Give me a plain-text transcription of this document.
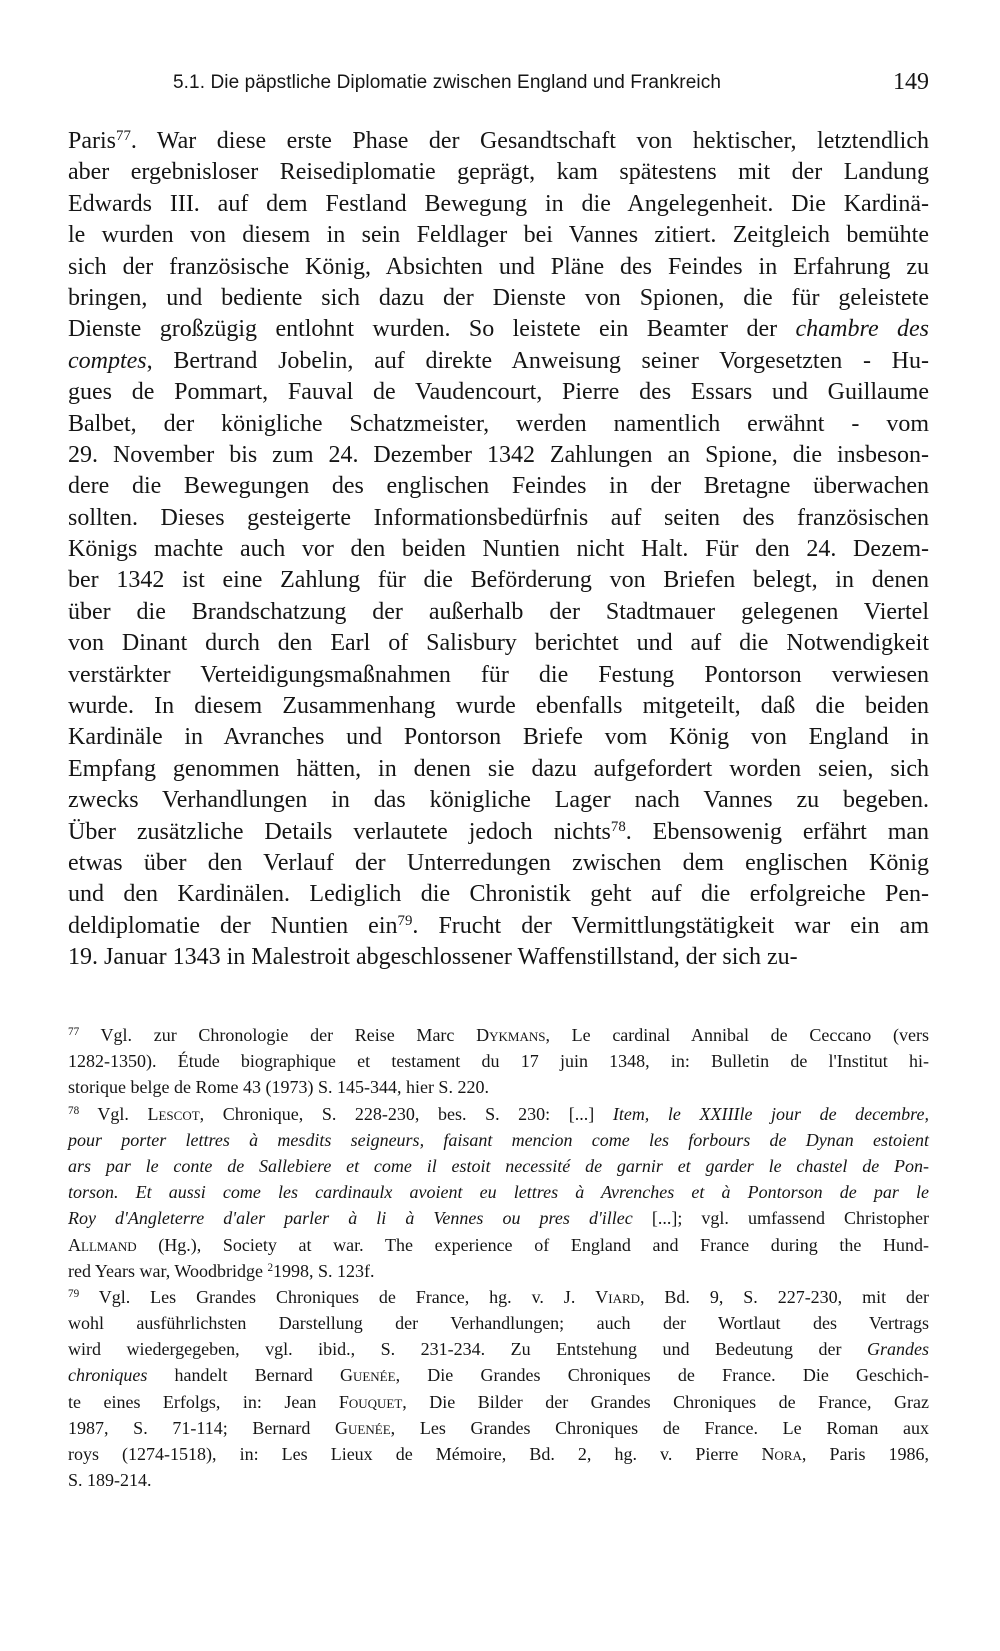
5.1. Die päpstliche Diplomatie zwischen England und Frankreich	149
Paris$^{77}$. War diese erste Phase der Gesandtschaft von hektischer, letztendlich
aber ergebnisloser Reisediplomatie geprägt, kam spätestens mit der Landung
Edwards III. auf dem Festland Bewegung in die Angelegenheit. Die Kardinä-
le wurden von diesem in sein Feldlager bei Vannes zitiert. Zeitgleich bemühte
sich der französische König, Absichten und Pläne des Feindes in Erfahrung zu
bringen, und bediente sich dazu der Dienste von Spionen, die für geleistete
Dienste großzügig entlohnt wurden. So leistete ein Beamter der chambre des
comptes, Bertrand Jobelin, auf direkte Anweisung seiner Vorgesetzten - Hu-
gues de Pommart, Fauval de Vaudencourt, Pierre des Essars und Guillaume
Balbet, der königliche Schatzmeister, werden namentlich erwähnt - vom
29. November bis zum 24. Dezember 1342 Zahlungen an Spione, die insbeson-
dere die Bewegungen des englischen Feindes in der Bretagne überwachen
sollten. Dieses gesteigerte Informationsbedürfnis auf seiten des französischen
Königs machte auch vor den beiden Nuntien nicht Halt. Für den 24. Dezem-
ber 1342 ist eine Zahlung für die Beförderung von Briefen belegt, in denen
über die Brandschatzung der außerhalb der Stadtmauer gelegenen Viertel
von Dinant durch den Earl of Salisbury berichtet und auf die Notwendigkeit
verstärkter Verteidigungsmaßnahmen für die Festung Pontorson verwiesen
wurde. In diesem Zusammenhang wurde ebenfalls mitgeteilt, daß die beiden
Kardinäle in Avranches und Pontorson Briefe vom König von England in
Empfang genommen hätten, in denen sie dazu aufgefordert worden seien, sich
zwecks Verhandlungen in das königliche Lager nach Vannes zu begeben.
Über zusätzliche Details verlautete jedoch nichts$^{78}$. Ebensowenig erfährt man
etwas über den Verlauf der Unterredungen zwischen dem englischen König
und den Kardinälen. Lediglich die Chronistik geht auf die erfolgreiche Pen-
deldiplomatie der Nuntien ein$^{79}$. Frucht der Vermittlungstätigkeit war ein am
19. Januar 1343 in Malestroit abgeschlossener Waffenstillstand, der sich zu-
$^{77}$ Vgl. zur Chronologie der Reise Marc Dykmans, Le cardinal Annibal de Ceccano (vers
1282-1350). Étude biographique et testament du 17 juin 1348, in: Bulletin de l'Institut hi-
storique belge de Rome 43 (1973) S. 145-344, hier S. 220.
$^{78}$ Vgl. Lescot, Chronique, S. 228-230, bes. S. 230: [...] Item, le XXIIIle jour de decembre,
pour porter lettres à mesdits seigneurs, faisant mencion come les forbours de Dynan estoient
ars par le conte de Sallebiere et come il estoit necessité de garnir et garder le chastel de Pon-
torson. Et aussi come les cardinaulx avoient eu lettres à Avrenches et à Pontorson de par le
Roy d'Angleterre d'aler parler à li à Vennes ou pres d'illec [...]; vgl. umfassend Christopher
Allmand (Hg.), Society at war. The experience of England and France during the Hund-
red Years war, Woodbridge $^2$1998, S. 123f.
$^{79}$ Vgl. Les Grandes Chroniques de France, hg. v. J. Viard, Bd. 9, S. 227-230, mit der
wohl ausführlichsten Darstellung der Verhandlungen; auch der Wortlaut des Vertrags
wird wiedergegeben, vgl. ibid., S. 231-234. Zu Entstehung und Bedeutung der Grandes
chroniques handelt Bernard Guenée, Die Grandes Chroniques de France. Die Geschich-
te eines Erfolgs, in: Jean Fouquet, Die Bilder der Grandes Chroniques de France, Graz
1987, S. 71-114; Bernard Guenée, Les Grandes Chroniques de France. Le Roman aux
roys (1274-1518), in: Les Lieux de Mémoire, Bd. 2, hg. v. Pierre Nora, Paris 1986,
S. 189-214.
